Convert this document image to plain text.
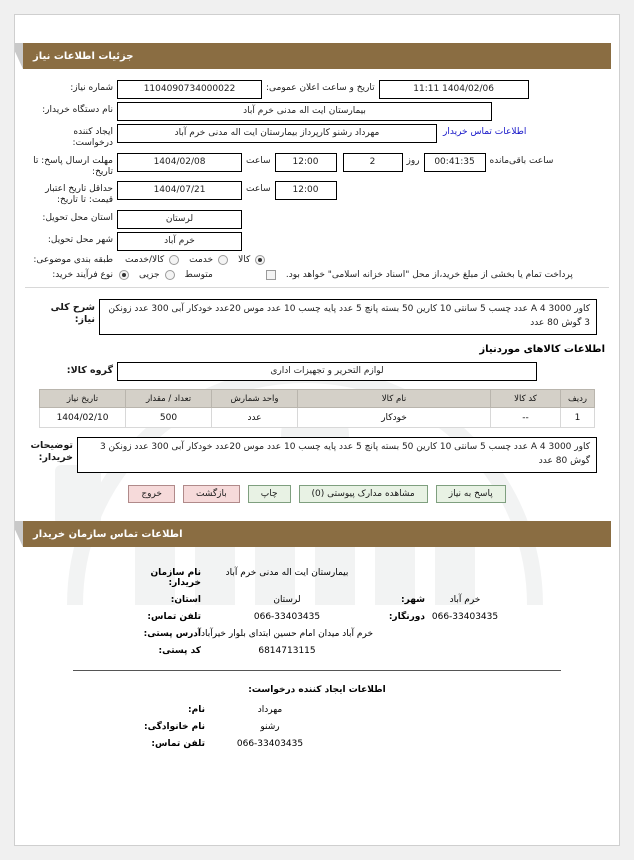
جزئیات اطلاعات نیاز
1404/02/06 11:11
تاریخ و ساعت اعلان عمومی:
1104090734000022
شماره نیاز:
بیمارستان ایت اله مدنی خرم آباد
نام دستگاه خریدار:
اطلاعات تماس خریدار
مهرداد رشنو کارپرداز بیمارستان ایت اله مدنی خرم آباد
ایجاد کننده درخواست:
ساعت باقی‌مانده
00:41:35
روز
2
12:00
ساعت
1404/02/08
مهلت ارسال پاسخ: تا تاریخ:
12:00
ساعت
1404/07/21
حداقل تاریخ اعتبار قیمت: تا تاریخ:
لرستان
استان محل تحویل:
خرم آباد
شهر محل تحویل:
کالا
خدمت
کالا/خدمت
طبقه بندی موضوعی:
پرداخت تمام یا بخشی از مبلغ خرید،از محل "اسناد خزانه اسلامی" خواهد بود.
متوسط
جزیی
نوع فرآیند خرید:
کاور A 4 3000 عدد چسب 5 سانتی 10 کارین 50 بسته پانچ 5 عدد پایه چسب 10 عدد موس 20عدد خودکار آبی 300 عدد زونکن 3 گوش 80 عدد
شرح کلی نیاز:
اطلاعات کالاهای موردنیاز
لوازم التحریر و تجهیزات اداری
گروه کالا:
ردیف	کد کالا	نام کالا	واحد شمارش	تعداد / مقدار	تاریخ نیاز
1	--	خودکار	عدد	500	1404/02/10
کاور A 4 3000 عدد چسب 5 سانتی 10 کارین 50 بسته پانچ 5 عدد پایه چسب 10 عدد موس 20عدد خودکار آبی 300 عدد زونکن 3 گوش 80 عدد
توضیحات خریدار:
پاسخ به نیاز
مشاهده مدارک پیوستی (0)
چاپ
بازگشت
خروج
اطلاعات تماس سازمان خریدار
بیمارستان ایت اله مدنی خرم آباد
نام سازمان خریدار:
خرم آباد
شهر:
لرستان
استان:
066-33403435
دورنگار:
066-33403435
تلفن تماس:
خرم آباد میدان امام حسین ابتدای بلوار خیرآباد
آدرس پستی:
6814713115
کد پستی:
اطلاعات ایجاد کننده درخواست:
مهرداد
نام:
رشنو
نام خانوادگی:
066-33403435
تلفن تماس:
